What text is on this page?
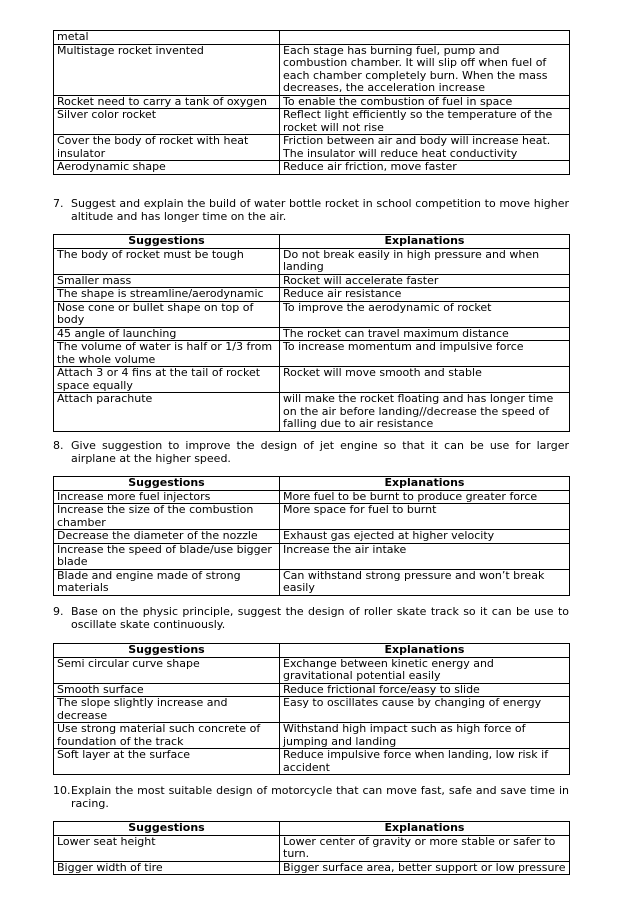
metal	
Multistage rocket invented	Each stage has burning fuel, pump and combustion chamber. It will slip off when fuel of each chamber completely burn. When the mass decreases, the acceleration increase
Rocket need to carry a tank of oxygen	To enable the combustion of fuel in space
Silver color rocket	Reflect light efficiently so the temperature of the rocket will not rise
Cover the body of rocket with heat insulator	Friction between air and body will increase heat. The insulator will reduce heat conductivity
Aerodynamic shape	Reduce air friction, move faster
7. Suggest and explain the build of water bottle rocket in school competition to move higher altitude and has longer time on the air.
Suggestions	Explanations
The body of rocket must be tough	Do not break easily in high pressure and when landing
Smaller mass	Rocket will accelerate faster
The shape is streamline/aerodynamic	Reduce air resistance
Nose cone or bullet shape on top of body	To improve the aerodynamic of rocket
45 angle of launching	The rocket can travel maximum distance
The volume of water is half or 1/3 from the whole volume	To increase momentum and impulsive force
Attach 3 or 4 fins at the tail of rocket space equally	Rocket will move smooth and stable
Attach parachute	will make the rocket floating and has longer time on the air before landing//decrease the speed of falling due to air resistance
8. Give suggestion to improve the design of jet engine so that it can be use for larger airplane at the higher speed.
Suggestions	Explanations
Increase more fuel injectors	More fuel to be burnt to produce greater force
Increase the size of the combustion chamber	More space for fuel to burnt
Decrease the diameter of the nozzle	Exhaust gas ejected at higher velocity
Increase the speed of blade/use bigger blade	Increase the air intake
Blade and engine made of strong materials	Can withstand strong pressure and won’t break easily
9. Base on the physic principle, suggest the design of roller skate track so it can be use to oscillate skate continuously.
Suggestions	Explanations
Semi circular curve shape	Exchange between kinetic energy and gravitational potential easily
Smooth surface	Reduce frictional force/easy to slide
The slope slightly increase and decrease	Easy to oscillates cause by changing of energy
Use strong material such concrete of foundation of the track	Withstand high impact such as high force of jumping and landing
Soft layer at the surface	Reduce impulsive force when landing, low risk if accident
10. Explain the most suitable design of motorcycle that can move fast, safe and save time in racing.
Suggestions	Explanations
Lower seat height	Lower center of gravity or more stable or safer to turn.
Bigger width of tire	Bigger surface area, better support or low pressure
